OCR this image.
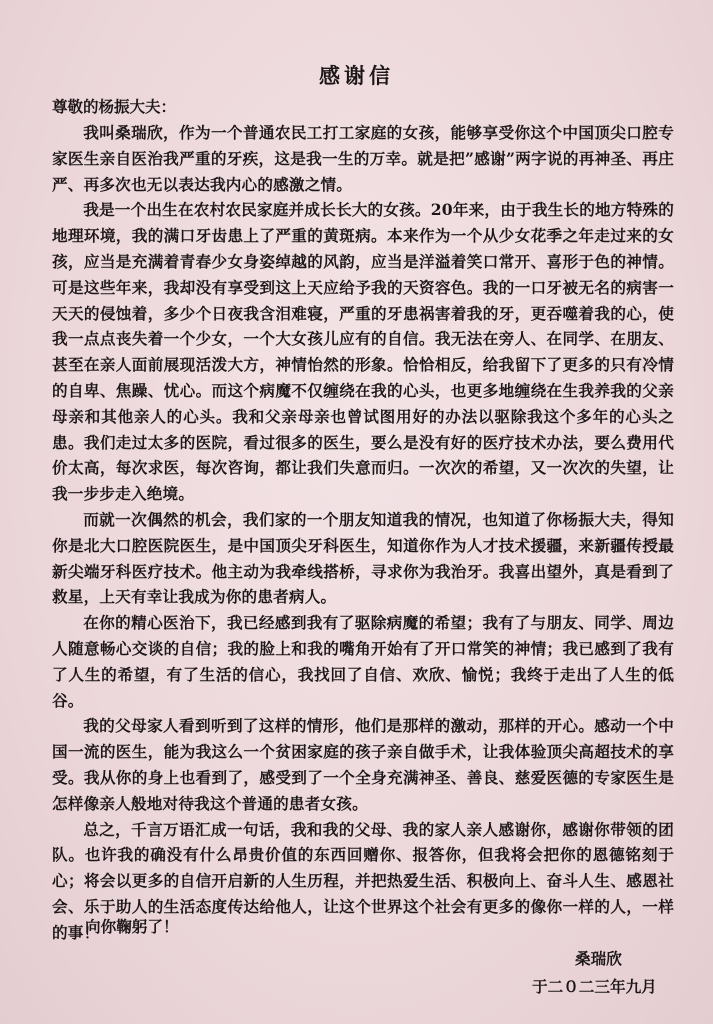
感谢信
尊敬的杨振大夫：

我叫桑瑞欣，作为一个普通农民工打工家庭的女孩，能够享受你这个中国顶尖口腔专家医生亲自医治我严重的牙疾，这是我一生的万幸。就是把”感谢”两字说的再神圣、再庄严、再多次也无以表达我内心的感激之情。

我是一个出生在农村农民家庭并成长长大的女孩。20年来，由于我生长的地方特殊的地理环境，我的满口牙齿患上了严重的黄斑病。本来作为一个从少女花季之年走过来的女孩，应当是充满着青春少女身姿绰越的风韵，应当是洋溢着笑口常开、喜形于色的神情。可是这些年来，我却没有享受到这上天应给予我的天资容色。我的一口牙被无名的病害一天天的侵蚀着，多少个日夜我含泪难寝，严重的牙患祸害着我的牙，更吞噬着我的心，使我一点点丧失着一个少女，一个大女孩儿应有的自信。我无法在旁人、在同学、在朋友、甚至在亲人面前展现活泼大方，神情怡然的形象。恰恰相反，给我留下了更多的只有冷情的自卑、焦躁、忧心。而这个病魔不仅缠绕在我的心头，也更多地缠绕在生我养我的父亲母亲和其他亲人的心头。我和父亲母亲也曾试图用好的办法以驱除我这个多年的心头之患。我们走过太多的医院，看过很多的医生，要么是没有好的医疗技术办法，要么费用代价太高，每次求医，每次咨询，都让我们失意而归。一次次的希望，又一次次的失望，让我一步步走入绝境。

而就一次偶然的机会，我们家的一个朋友知道我的情况，也知道了你杨振大夫，得知你是北大口腔医院医生，是中国顶尖牙科医生，知道你作为人才技术援疆，来新疆传授最新尖端牙科医疗技术。他主动为我牵线搭桥，寻求你为我治牙。我喜出望外，真是看到了救星，上天有幸让我成为你的患者病人。

在你的精心医治下，我已经感到我有了驱除病魔的希望；我有了与朋友、同学、周边人随意畅心交谈的自信；我的脸上和我的嘴角开始有了开口常笑的神情；我已感到了我有了人生的希望，有了生活的信心，我找回了自信、欢欣、愉悦；我终于走出了人生的低谷。

我的父母家人看到听到了这样的情形，他们是那样的激动，那样的开心。感动一个中国一流的医生，能为我这么一个贫困家庭的孩子亲自做手术，让我体验顶尖高超技术的享受。我从你的身上也看到了，感受到了一个全身充满神圣、善良、慈爱医德的专家医生是怎样像亲人般地对待我这个普通的患者女孩。

总之，千言万语汇成一句话，我和我的父母、我的家人亲人感谢你，感谢你带领的团队。也许我的确没有什么昂贵价值的东西回赠你、报答你，但我将会把你的恩德铭刻于心；将会以更多的自信开启新的人生历程，并把热爱生活、积极向上、奋斗人生、感恩社会、乐于助人的生活态度传达给他人，让这个世界这个社会有更多的像你一样的人，一样的事！

向你鞠躬了！
桑瑞欣
于二０二三年九月
